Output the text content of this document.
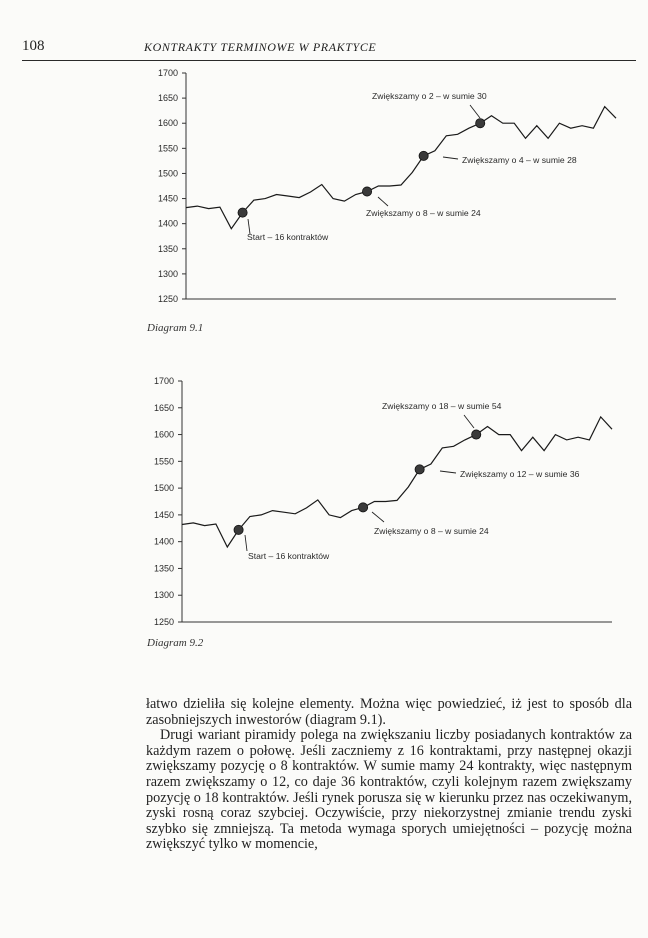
108	KONTRAKTY TERMINOWE W PRAKTYCE
1700
1650
1600
1550
1500
1450
1400
1350
1300
1250
Start – 16 kontraktów
Zwiększamy o 8 – w sumie 24
Zwiększamy o 4 – w sumie 28
Zwiększamy o 2 – w sumie 30
Diagram 9.1
1700
1650
1600
1550
1500
1450
1400
1350
1300
1250
Start – 16 kontraktów
Zwiększamy o 8 – w sumie 24
Zwiększamy o 12 – w sumie 36
Zwiększamy o 18 – w sumie 54
Diagram 9.2

łatwo dzieliła się kolejne elementy. Można więc powiedzieć, iż jest to sposób dla zasobniejszych inwestorów (diagram 9.1).

Drugi wariant piramidy polega na zwiększaniu liczby posiadanych kontraktów za każdym razem o połowę. Jeśli zaczniemy z 16 kontraktami, przy następnej okazji zwiększamy pozycję o 8 kontraktów. W sumie mamy 24 kontrakty, więc następnym razem zwiększamy o 12, co daje 36 kontraktów, czyli kolejnym razem zwiększamy pozycję o 18 kontraktów. Jeśli rynek porusza się w kierunku przez nas oczekiwanym, zyski rosną coraz szybciej. Oczywiście, przy niekorzystnej zmianie trendu zyski szybko się zmniejszą. Ta metoda wymaga sporych umiejętności – pozycję można zwiększyć tylko w momencie,
